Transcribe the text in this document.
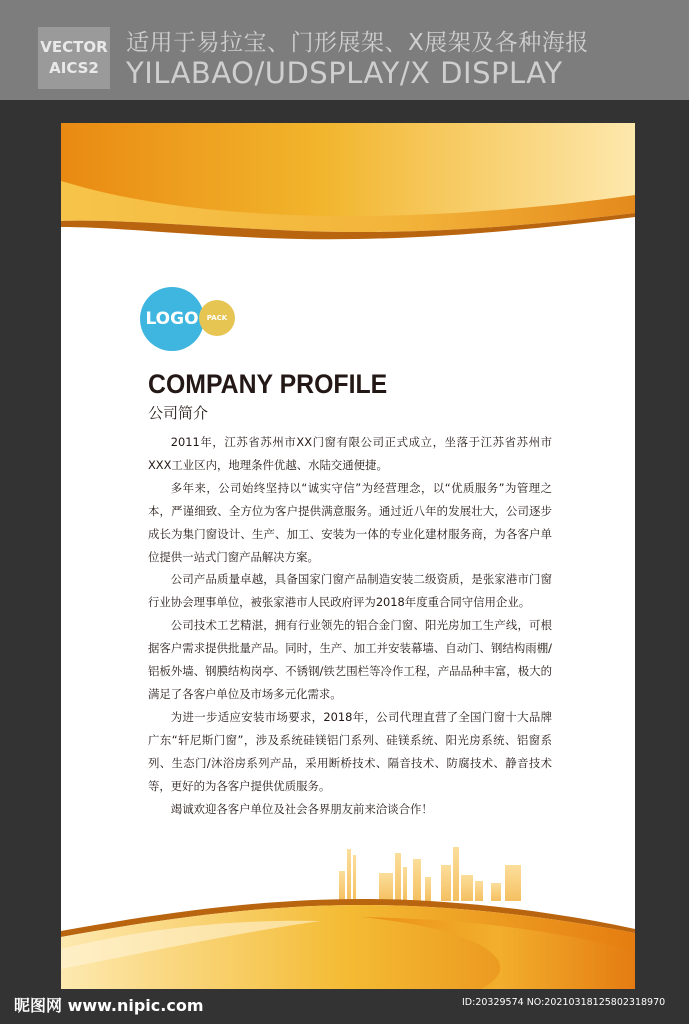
VECTOR
AICS2
适用于易拉宝、门形展架、X展架及各种海报
YILABAO/UDSPLAY/X DISPLAY
LOGO	PACK
COMPANY PROFILE
公司简介

2011年，江苏省苏州市XX门窗有限公司正式成立，坐落于江苏省苏州市XXX工业区内，地理条件优越、水陆交通便捷。

多年来，公司始终坚持以“诚实守信”为经营理念，以“优质服务”为管理之本，严谨细致、全方位为客户提供满意服务。通过近八年的发展壮大，公司逐步成长为集门窗设计、生产、加工、安装为一体的专业化建材服务商，为各客户单位提供一站式门窗产品解决方案。

公司产品质量卓越，具备国家门窗产品制造安装二级资质，是张家港市门窗行业协会理事单位，被张家港市人民政府评为2018年度重合同守信用企业。

公司技术工艺精湛，拥有行业领先的铝合金门窗、阳光房加工生产线，可根据客户需求提供批量产品。同时，生产、加工并安装幕墙、自动门、钢结构雨棚/铝板外墙、钢膜结构岗亭、不锈钢/铁艺围栏等冷作工程，产品品种丰富，极大的满足了各客户单位及市场多元化需求。

为进一步适应安装市场要求，2018年，公司代理直营了全国门窗十大品牌广东“轩尼斯门窗”，涉及系统硅镁铝门系列、硅镁系统、阳光房系统、铝窗系列、生态门/沐浴房系列产品，采用断桥技术、隔音技术、防腐技术、静音技术等，更好的为各客户提供优质服务。

竭诚欢迎各客户单位及社会各界朋友前来洽谈合作！

昵图网 www.nipic.com	ID:20329574 NO:20210318125802318970
